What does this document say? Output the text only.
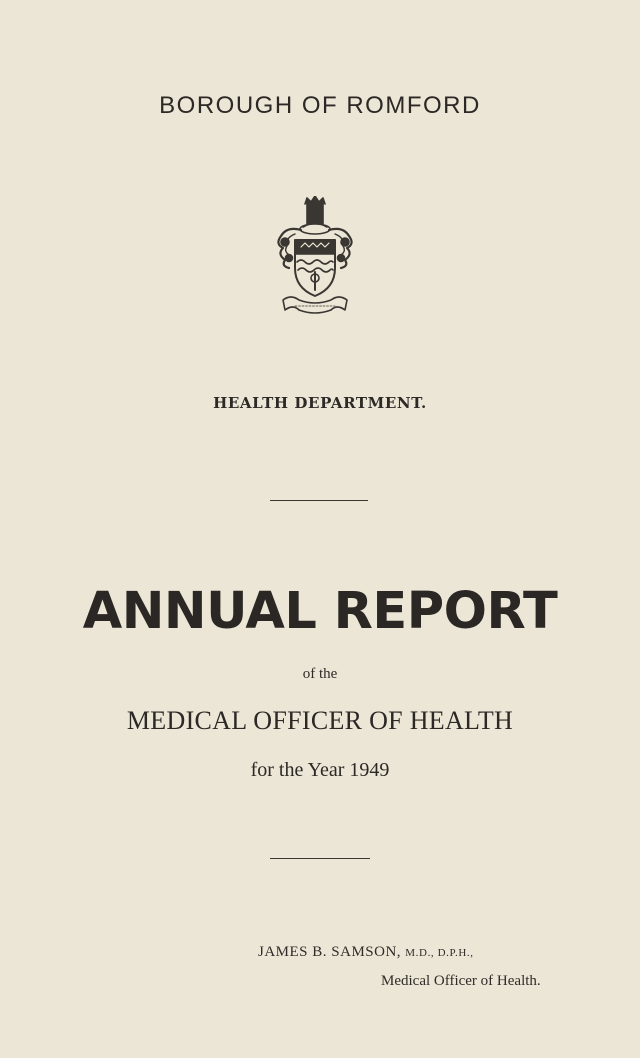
BOROUGH OF ROMFORD
HEALTH DEPARTMENT.
ANNUAL REPORT
of the
MEDICAL OFFICER OF HEALTH
for the Year 1949
JAMES B. SAMSON, M.D., D.P.H.,
Medical Officer of Health.
